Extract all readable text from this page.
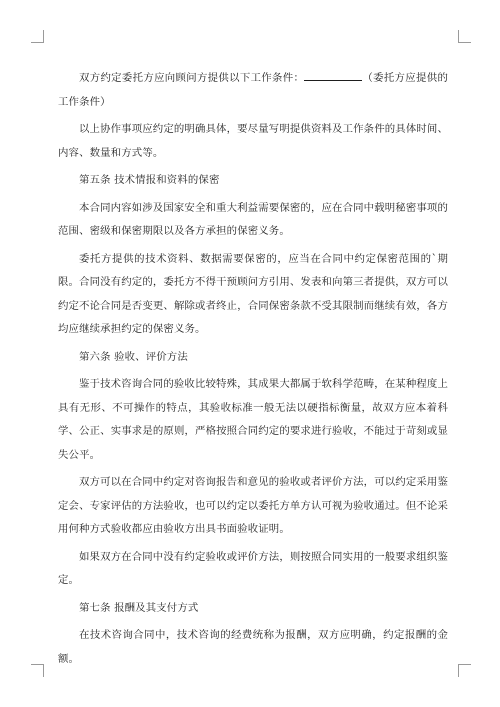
双方约定委托方应向顾问方提供以下工作条件：	（委托方应提供的工作条件）

以上协作事项应约定的明确具体，要尽量写明提供资料及工作条件的具体时间、内容、数量和方式等。

第五条 技术情报和资料的保密

本合同内容如涉及国家安全和重大利益需要保密的，应在合同中载明秘密事项的范围、密级和保密期限以及各方承担的保密义务。

委托方提供的技术资料、数据需要保密的，应当在合同中约定保密范围的`期限。合同没有约定的，委托方不得干预顾问方引用、发表和向第三者提供，双方可以约定不论合同是否变更、解除或者终止，合同保密条款不受其限制而继续有效，各方均应继续承担约定的保密义务。

第六条 验收、评价方法

鉴于技术咨询合同的验收比较特殊，其成果大都属于软科学范畴，在某种程度上具有无形、不可操作的特点，其验收标准一般无法以硬指标衡量，故双方应本着科学、公正、实事求是的原则，严格按照合同约定的要求进行验收，不能过于苛刻或显失公平。

双方可以在合同中约定对咨询报告和意见的验收或者评价方法，可以约定采用鉴定会、专家评估的方法验收，也可以约定以委托方单方认可视为验收通过。但不论采用何种方式验收都应由验收方出具书面验收证明。

如果双方在合同中没有约定验收或评价方法，则按照合同实用的一般要求组织鉴定。

第七条 报酬及其支付方式

在技术咨询合同中，技术咨询的经费统称为报酬，双方应明确，约定报酬的金额。
